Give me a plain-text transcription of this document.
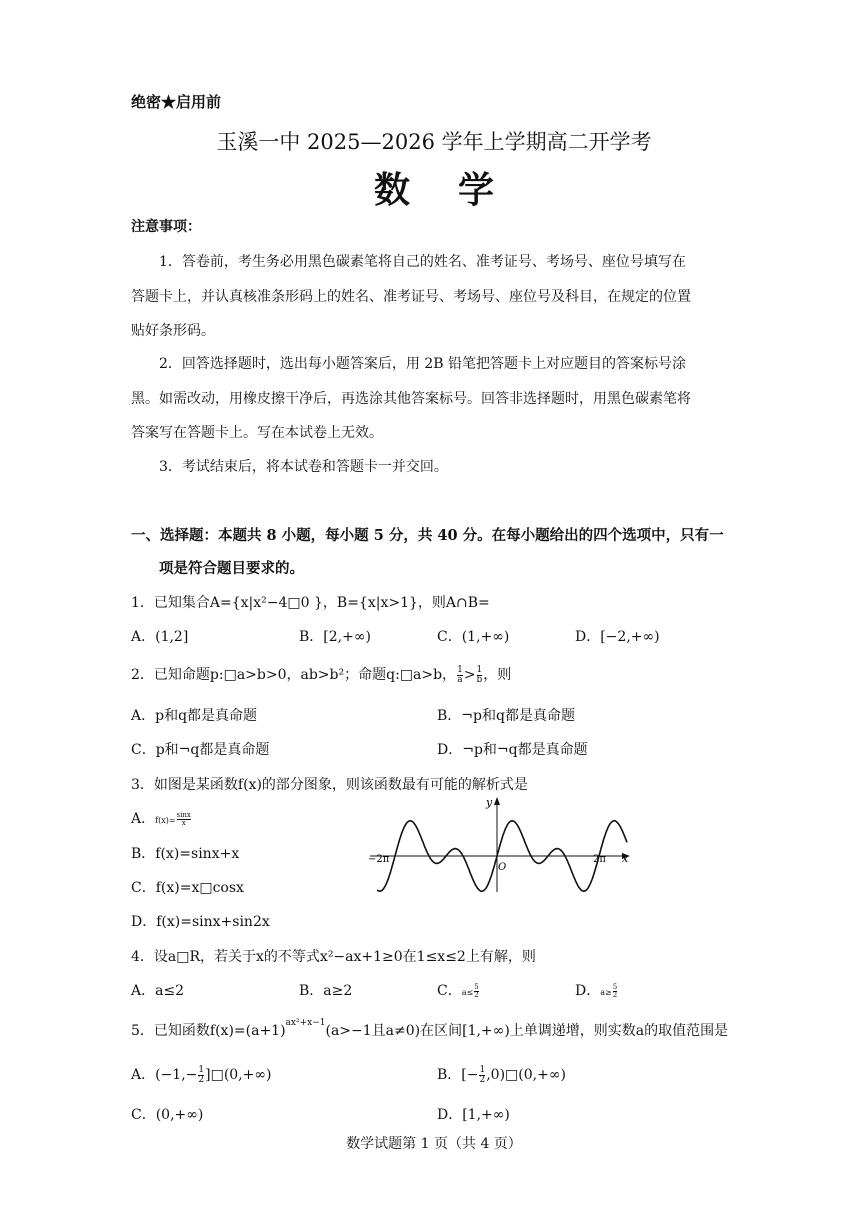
绝密★启用前
玉溪一中 2025—2026 学年上学期高二开学考
数学
注意事项：
1．答卷前，考生务必用黑色碳素笔将自己的姓名、准考证号、考场号、座位号填写在
答题卡上，并认真核准条形码上的姓名、准考证号、考场号、座位号及科目，在规定的位置
贴好条形码。
2．回答选择题时，选出每小题答案后，用 2B 铅笔把答题卡上对应题目的答案标号涂
黑。如需改动，用橡皮擦干净后，再选涂其他答案标号。回答非选择题时，用黑色碳素笔将
答案写在答题卡上。写在本试卷上无效。
3．考试结束后，将本试卷和答题卡一并交回。
一、选择题：本题共 8 小题，每小题 5 分，共 40 分。在每小题给出的四个选项中，只有一
项是符合题目要求的。
1．已知集合A={x|x²−4□0 }，B={x|x>1}，则A∩B=
A．(1,2]	B．[2,+∞)	C．(1,+∞)	D．[−2,+∞)
2．已知命题p:□a>b>0，ab>b²；命题q:□a>b， $\frac{1}{a} > \frac{1}{b}$ ，则
A．p和q都是真命题	B．¬p和q都是真命题
C．p和¬q都是真命题	D．¬p和¬q都是真命题
3．如图是某函数f(x)的部分图象，则该函数最有可能的解析式是
A．$f(x)= \frac{\sin x}{x}$
B．f(x)=sinx+x
C．f(x)=x□cosx
D．f(x)=sinx+sin2x
y
x
O
−2π	2π
4．设a□R，若关于x的不等式x²−ax+1≥0在1≤x≤2上有解，则
A．a≤2	B．a≥2	C．$a\le \frac{5}{2}$	D．$a\ge \frac{5}{2}$
5．已知函数$f(x)=(a+1)^{ax^2+x-1}(a>-1$且a≠0)在区间[1,+∞)上单调递增，则实数a的取值范围是
A．($-1,- \frac{1}{2}$ ]□(0,+∞)	B．[− $\frac{1}{2}$ ,0)□(0,+∞)
C．(0,+∞)	D．[1,+∞)
数学试题第 1 页（共 4 页）
